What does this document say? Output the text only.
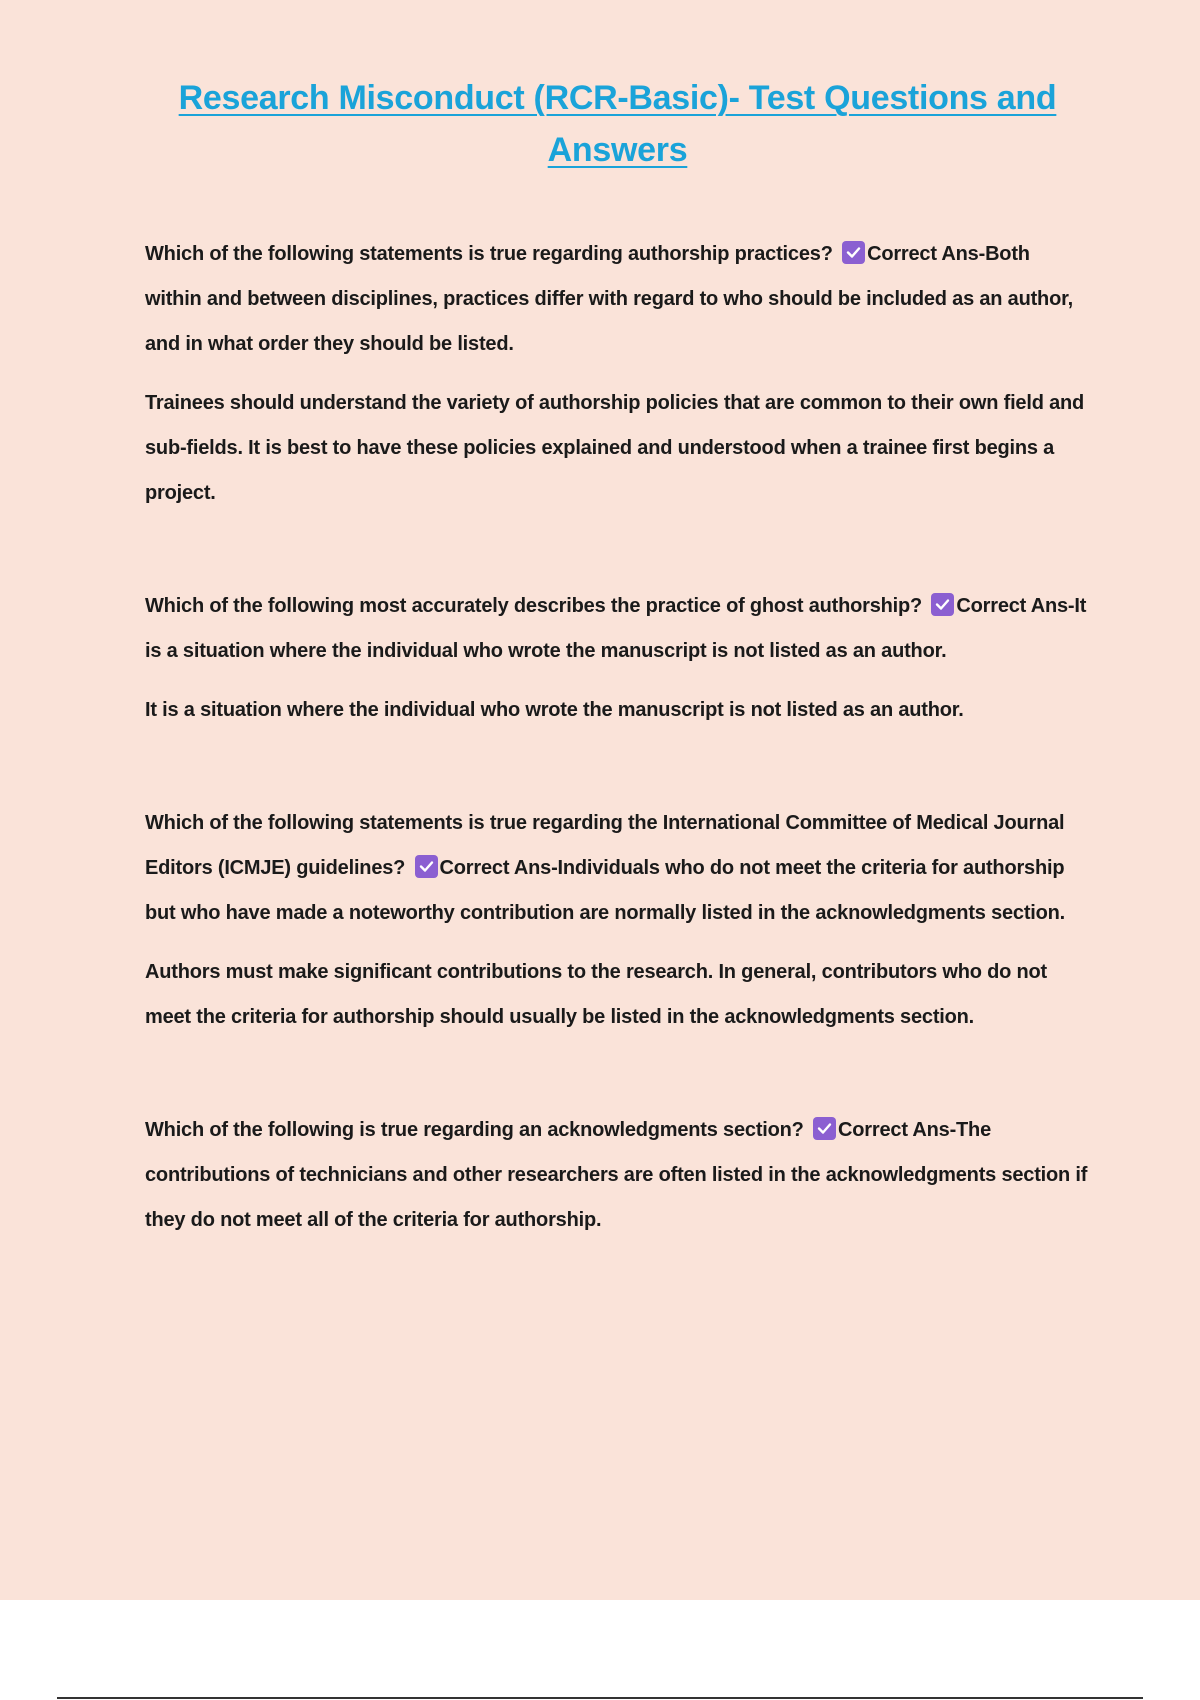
Research Misconduct (RCR-Basic)- Test Questions and Answers

Which of the following statements is true regarding authorship practices? Correct Ans-Both within and between disciplines, practices differ with regard to who should be included as an author, and in what order they should be listed.

Trainees should understand the variety of authorship policies that are common to their own field and sub-fields. It is best to have these policies explained and understood when a trainee first begins a project.

Which of the following most accurately describes the practice of ghost authorship? Correct Ans-It is a situation where the individual who wrote the manuscript is not listed as an author.

It is a situation where the individual who wrote the manuscript is not listed as an author.

Which of the following statements is true regarding the International Committee of Medical Journal Editors (ICMJE) guidelines? Correct Ans-Individuals who do not meet the criteria for authorship but who have made a noteworthy contribution are normally listed in the acknowledgments section.

Authors must make significant contributions to the research. In general, contributors who do not meet the criteria for authorship should usually be listed in the acknowledgments section.

Which of the following is true regarding an acknowledgments section? Correct Ans-The contributions of technicians and other researchers are often listed in the acknowledgments section if they do not meet all of the criteria for authorship.
